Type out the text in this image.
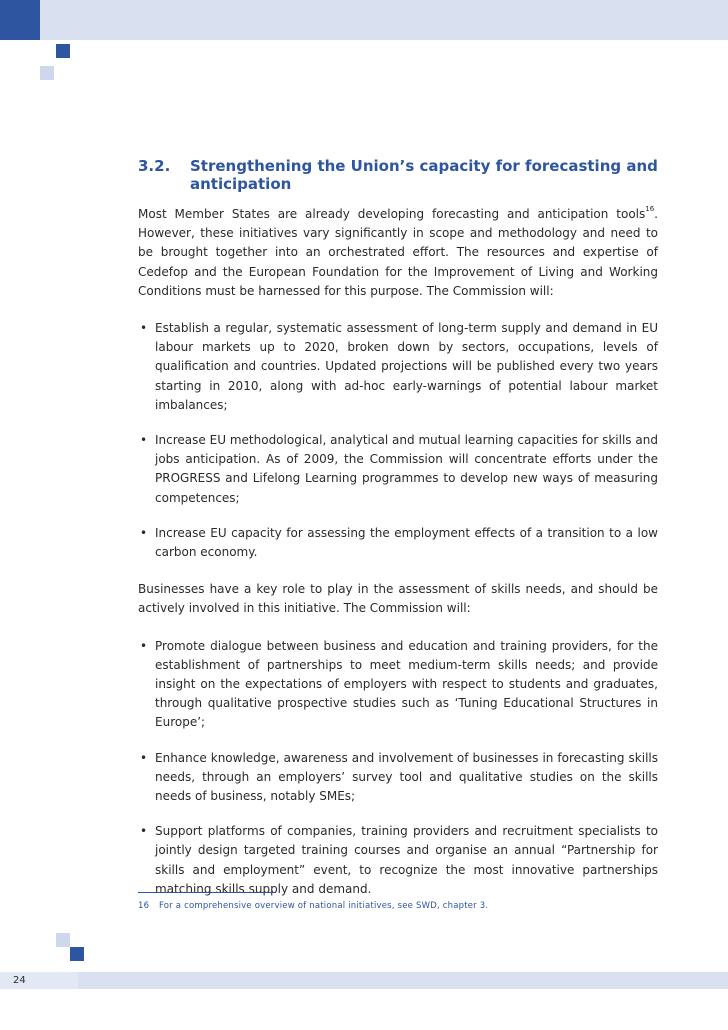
3.2.	Strengthening the Union’s capacity for forecasting and anticipation

Most Member States are already developing forecasting and anticipation tools$^{16}$. However, these initiatives vary significantly in scope and methodology and need to be brought together into an orchestrated effort. The resources and expertise of Cedefop and the European Foundation for the Improvement of Living and Working Conditions must be harnessed for this purpose. The Commission will:

• Establish a regular, systematic assessment of long-term supply and demand in EU labour markets up to 2020, broken down by sectors, occupations, levels of qualification and countries. Updated projections will be published every two years starting in 2010, along with ad-hoc early-warnings of potential labour market imbalances;
• Increase EU methodological, analytical and mutual learning capacities for skills and jobs anticipation. As of 2009, the Commission will concentrate efforts under the PROGRESS and Lifelong Learning programmes to develop new ways of measuring competences;
• Increase EU capacity for assessing the employment effects of a transition to a low carbon economy.

Businesses have a key role to play in the assessment of skills needs, and should be actively involved in this initiative. The Commission will:

• Promote dialogue between business and education and training providers, for the establishment of partnerships to meet medium-term skills needs; and provide insight on the expectations of employers with respect to students and graduates, through qualitative prospective studies such as ‘Tuning Educational Structures in Europe’;
• Enhance knowledge, awareness and involvement of businesses in forecasting skills needs, through an employers’ survey tool and qualitative studies on the skills needs of business, notably SMEs;
• Support platforms of companies, training providers and recruitment specialists to jointly design targeted training courses and organise an annual “Partnership for skills and employment” event, to recognize the most innovative partnerships matching skills supply and demand.
16	For a comprehensive overview of national initiatives, see SWD, chapter 3.
24
